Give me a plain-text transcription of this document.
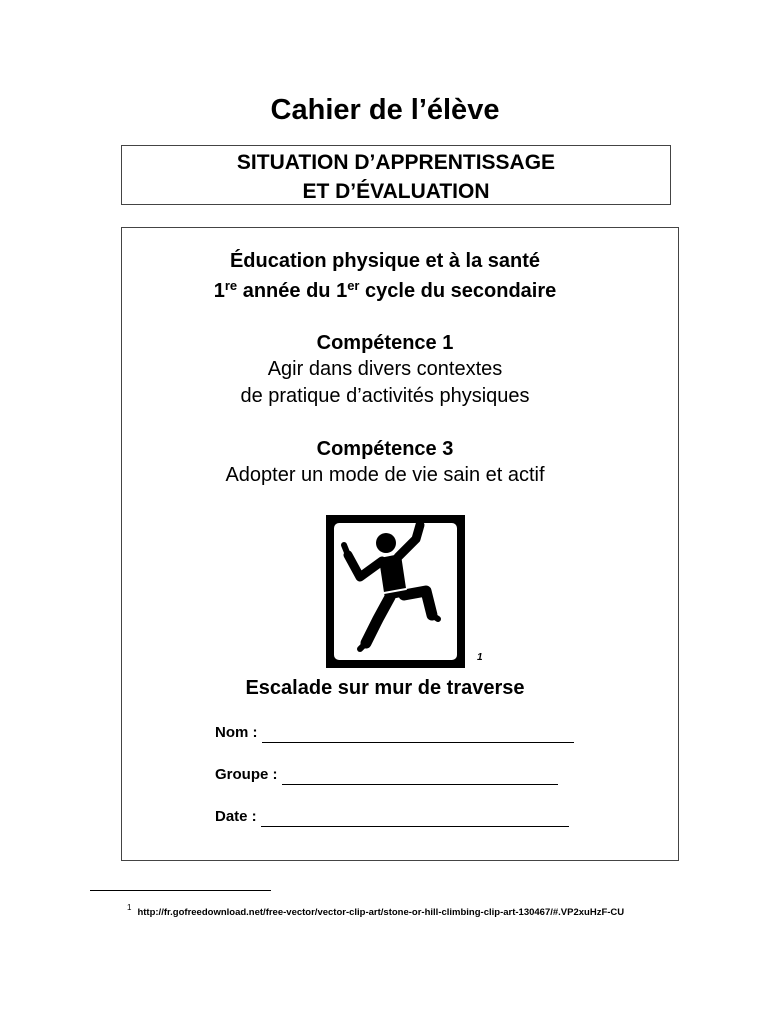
Cahier de l’élève
SITUATION D’APPRENTISSAGE
ET D’ÉVALUATION
Éducation physique et à la santé
1re année du 1er cycle du secondaire
Compétence 1
Agir dans divers contextes
de pratique d’activités physiques
Compétence 3
Adopter un mode de vie sain et actif
1
Escalade sur mur de traverse
Nom :
Groupe :
Date :
$^1$ http://fr.gofreedownload.net/free-vector/vector-clip-art/stone-or-hill-climbing-clip-art-130467/#.VP2xuHzF-CU
